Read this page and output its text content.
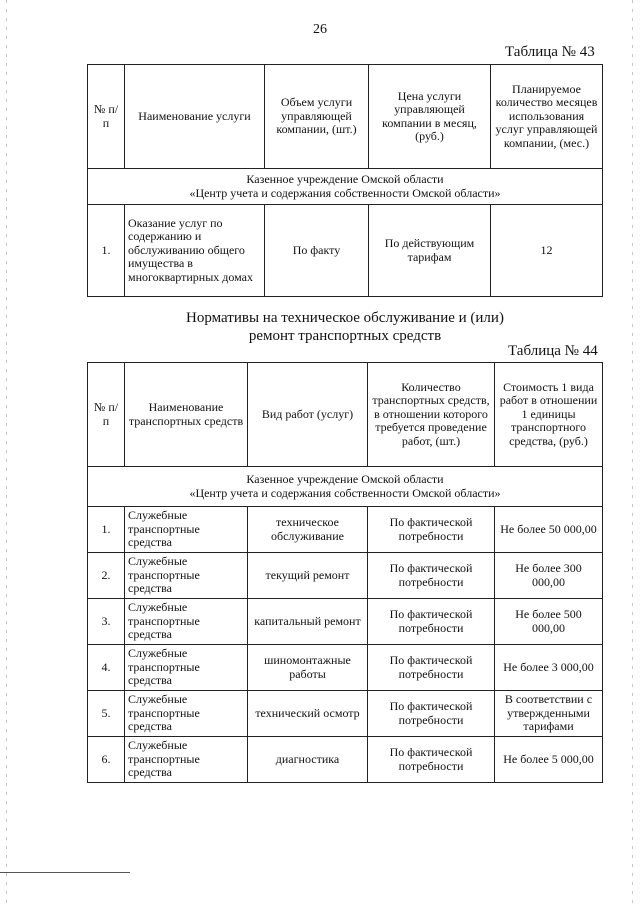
26
Таблица № 43
№ п/п	Наименование услуги	Объем услуги управляющей компании, (шт.)	Цена услуги управляющей компании в месяц, (руб.)	Планируемое количество месяцев использования услуг управляющей компании, (мес.)

Казенное учреждение Омской области
«Центр учета и содержания собственности Омской области»				

1.	Оказание услуг по содержанию и обслуживанию общего имущества в многоквартирных домах	По факту	По действующим тарифам	12
Нормативы на техническое обслуживание и (или)
ремонт транспортных средств
Таблица № 44
№ п/п	Наименование транспортных средств	Вид работ (услуг)	Количество транспортных средств, в отношении которого требуется проведение работ, (шт.)	Стоимость 1 вида работ в отношении 1 единицы транспортного средства, (руб.)

Казенное учреждение Омской области
«Центр учета и содержания собственности Омской области»				

1.	Служебные транспортные средства	техническое обслуживание	По фактической потребности	Не более 50 000,00
2.	Служебные транспортные средства	текущий ремонт	По фактической потребности	Не более 300 000,00
3.	Служебные транспортные средства	капитальный ремонт	По фактической потребности	Не более 500 000,00
4.	Служебные транспортные средства	шиномонтажные работы	По фактической потребности	Не более 3 000,00
5.	Служебные транспортные средства	технический осмотр	По фактической потребности	В соответствии с утвержденными тарифами
6.	Служебные транспортные средства	диагностика	По фактической потребности	Не более 5 000,00
